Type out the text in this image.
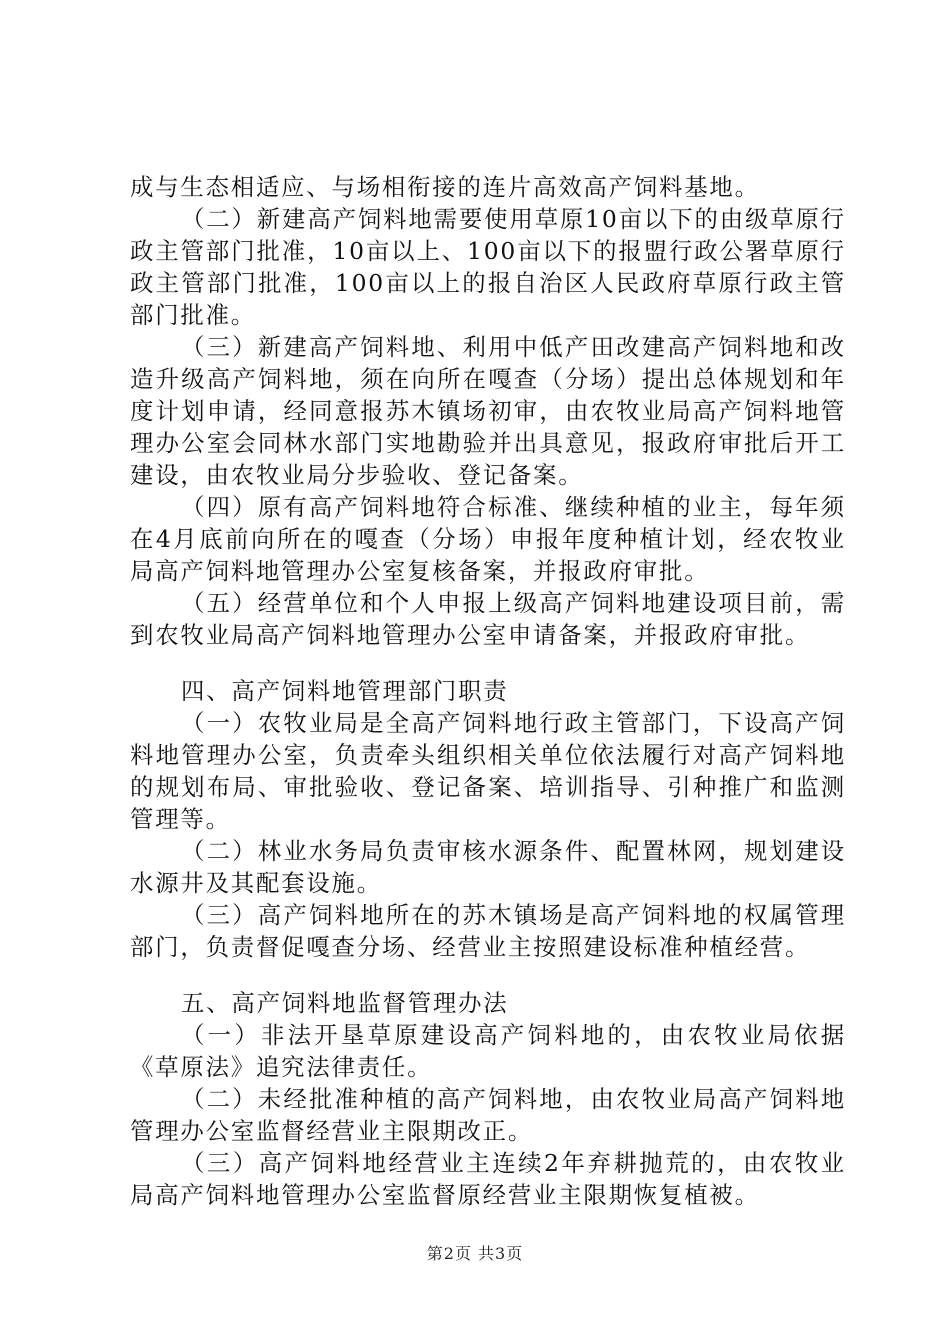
成与生态相适应、与场相衔接的连片高效高产饲料基地。

（二）新建高产饲料地需要使用草原10亩以下的由级草原行政主管部门批准，10亩以上、100亩以下的报盟行政公署草原行政主管部门批准，100亩以上的报自治区人民政府草原行政主管部门批准。

（三）新建高产饲料地、利用中低产田改建高产饲料地和改造升级高产饲料地，须在向所在嘎查（分场）提出总体规划和年度计划申请，经同意报苏木镇场初审，由农牧业局高产饲料地管理办公室会同林水部门实地勘验并出具意见，报政府审批后开工建设，由农牧业局分步验收、登记备案。

（四）原有高产饲料地符合标准、继续种植的业主，每年须在4月底前向所在的嘎查（分场）申报年度种植计划，经农牧业局高产饲料地管理办公室复核备案，并报政府审批。

（五）经营单位和个人申报上级高产饲料地建设项目前，需到农牧业局高产饲料地管理办公室申请备案，并报政府审批。

四、高产饲料地管理部门职责

（一）农牧业局是全高产饲料地行政主管部门，下设高产饲料地管理办公室，负责牵头组织相关单位依法履行对高产饲料地的规划布局、审批验收、登记备案、培训指导、引种推广和监测管理等。

（二）林业水务局负责审核水源条件、配置林网，规划建设水源井及其配套设施。

（三）高产饲料地所在的苏木镇场是高产饲料地的权属管理部门，负责督促嘎查分场、经营业主按照建设标准种植经营。

五、高产饲料地监督管理办法

（一）非法开垦草原建设高产饲料地的，由农牧业局依据《草原法》追究法律责任。

（二）未经批准种植的高产饲料地，由农牧业局高产饲料地管理办公室监督经营业主限期改正。

（三）高产饲料地经营业主连续2年弃耕抛荒的，由农牧业局高产饲料地管理办公室监督原经营业主限期恢复植被。

第2页 共3页
